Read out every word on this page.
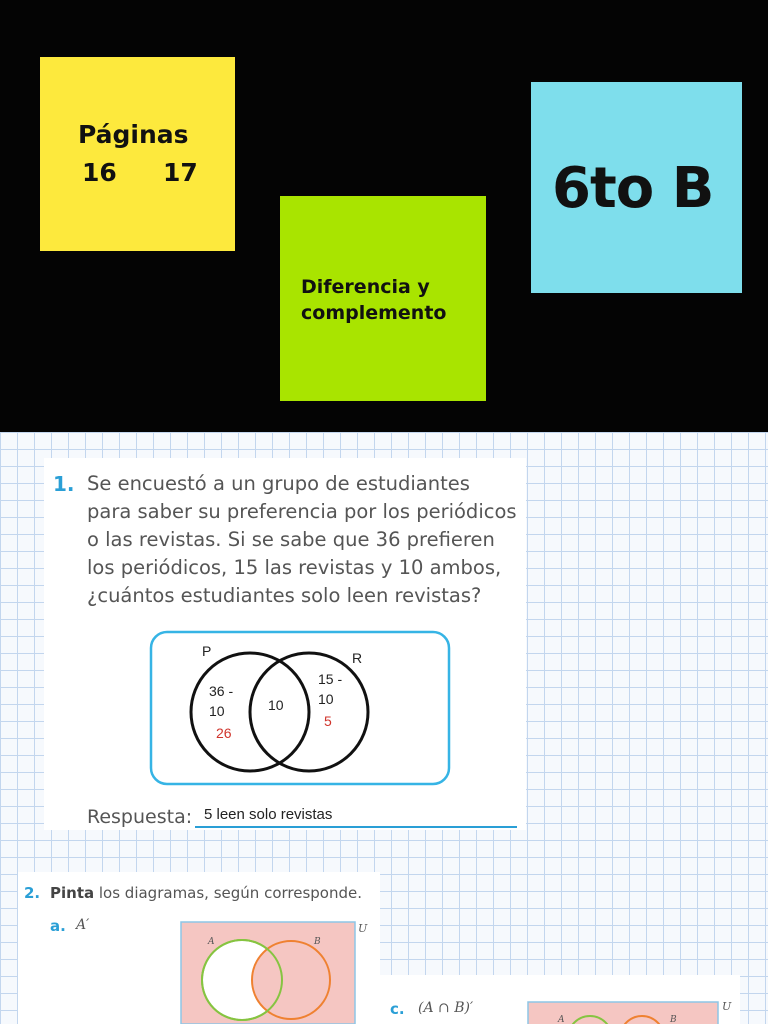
Páginas
16 17
Diferencia y
complemento
6to B
1. Se encuestó a un grupo de estudiantes
para saber su preferencia por los periódicos
o las revistas. Si se sabe que 36 prefieren
los periódicos, 15 las revistas y 10 ambos,
¿cuántos estudiantes solo leen revistas?
P	R
36 -
10
26
10
15 -
10
5
Respuesta: 5 leen solo revistas
2. Pinta los diagramas, según corresponde.
a. A′
A	B
U
c. (A ∩ B)′
A	B
U
